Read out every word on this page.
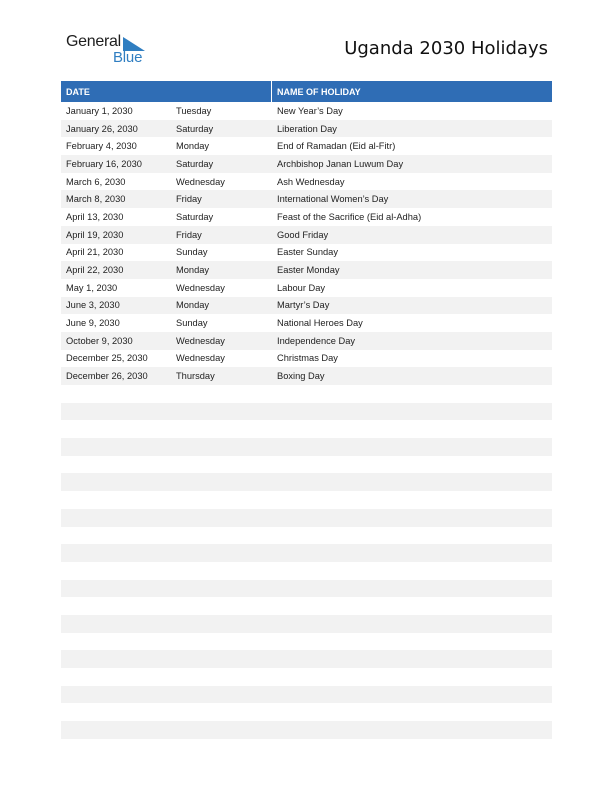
General
Blue	Uganda 2030 Holidays
DATE	NAME OF HOLIDAY
January 1, 2030	Tuesday	New Year’s Day
January 26, 2030	Saturday	Liberation Day
February 4, 2030	Monday	End of Ramadan (Eid al-Fitr)
February 16, 2030	Saturday	Archbishop Janan Luwum Day
March 6, 2030	Wednesday	Ash Wednesday
March 8, 2030	Friday	International Women’s Day
April 13, 2030	Saturday	Feast of the Sacrifice (Eid al-Adha)
April 19, 2030	Friday	Good Friday
April 21, 2030	Sunday	Easter Sunday
April 22, 2030	Monday	Easter Monday
May 1, 2030	Wednesday	Labour Day
June 3, 2030	Monday	Martyr’s Day
June 9, 2030	Sunday	National Heroes Day
October 9, 2030	Wednesday	Independence Day
December 25, 2030	Wednesday	Christmas Day
December 26, 2030	Thursday	Boxing Day
